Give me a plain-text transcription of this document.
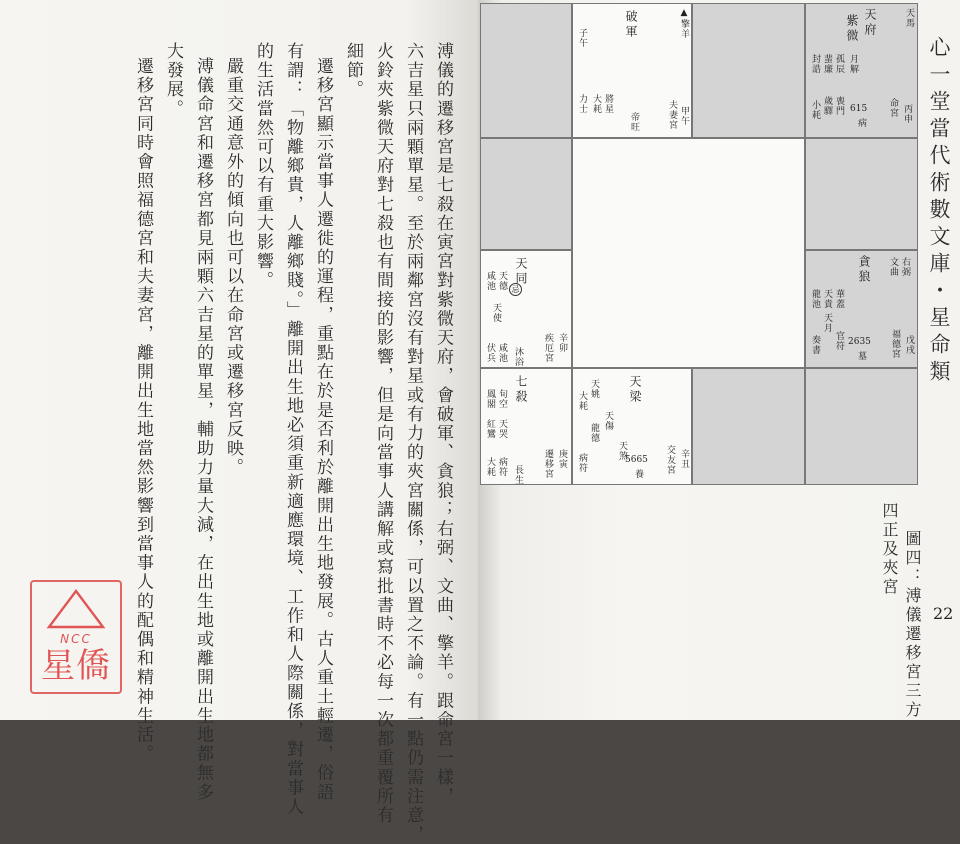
溥儀的遷移宮是七殺在寅宮對紫微天府，會破軍、貪狼；右弼、文曲、擎羊。跟命宮一樣，
六吉星只兩顆單星。至於兩鄰宮沒有對星或有力的夾宮關係，可以置之不論。有一點仍需注意，
火鈴夾紫微天府對七殺也有間接的影響，但是向當事人講解或寫批書時不必每一次都重覆所有
細節。
遷移宮顯示當事人遷徙的運程，重點在於是否利於離開出生地發展。古人重土輕遷，俗語
有謂：「物離鄉貴，人離鄉賤。」離開出生地必須重新適應環境、工作和人際關係，對當事人
的生活當然可以有重大影響。
嚴重交通意外的傾向也可以在命宮或遷移宮反映。
溥儀命宮和遷移宮都見兩顆六吉星的單星，輔助力量大減，在出生地或離開出生地都無多
大發展。
遷移宮同時會照福德宮和夫妻宮，離開出生地當然影響到當事人的配偶和精神生活。
NCC
星僑
破軍	▲擎羊
子午
力士 大耗 將星
帝旺	夫妻宮 甲午
紫微 天府	天馬
孤辰 月解
封誥 蜚廉
小耗 歲驛 喪門 615
病
命宮 丙申
天同
忌
咸池 天德
天使
伏兵 咸池 沐浴 疾厄宮 辛卯
貪狼	右弼
文曲
天貴 華蓋
龍池
天月
官符
奏書	2635
墓	福德宮 戊戌
七殺
旬空
鳳閣
紅鸞 天哭
大耗 病符 長生 遷移宮 庚寅
天梁
天姚
大耗
天傷
龍德
天煞
病符	5665
養 交友宮 辛丑
心一堂當代術數文庫・星命類
22
圖四：溥儀遷移宮三方
四正及夾宮
